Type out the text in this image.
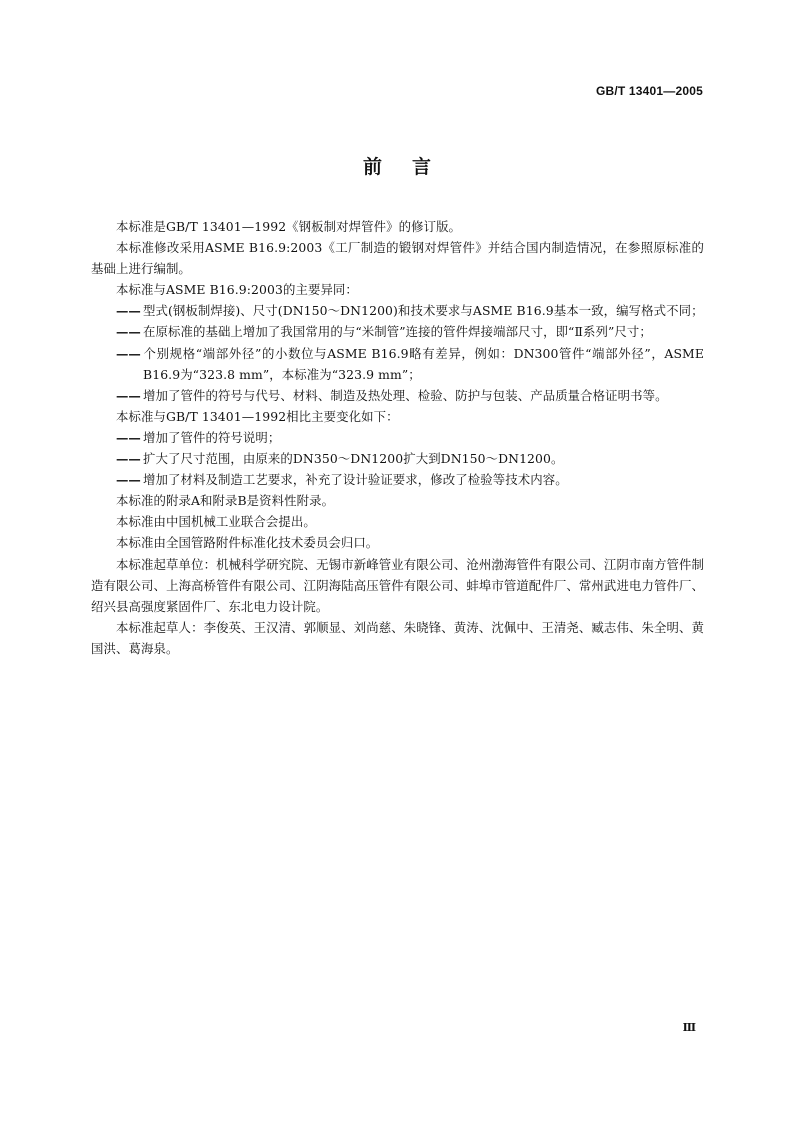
GB/T 13401—2005
前言

本标准是GB/T 13401—1992《钢板制对焊管件》的修订版。

本标准修改采用ASME B16.9:2003《工厂制造的锻钢对焊管件》并结合国内制造情况，在参照原标准的基础上进行编制。

本标准与ASME B16.9:2003的主要异同：

—— 型式(钢板制焊接)、尺寸(DN150～DN1200)和技术要求与ASME B16.9基本一致，编写格式不同；

—— 在原标准的基础上增加了我国常用的与“米制管”连接的管件焊接端部尺寸，即“Ⅱ系列”尺寸；

—— 个别规格“端部外径”的小数位与ASME B16.9略有差异，例如：DN300管件“端部外径”，ASME B16.9为“323.8 mm”，本标准为“323.9 mm”；

—— 增加了管件的符号与代号、材料、制造及热处理、检验、防护与包装、产品质量合格证明书等。

本标准与GB/T 13401—1992相比主要变化如下：

—— 增加了管件的符号说明；

—— 扩大了尺寸范围，由原来的DN350～DN1200扩大到DN150～DN1200。

—— 增加了材料及制造工艺要求，补充了设计验证要求，修改了检验等技术内容。

本标准的附录A和附录B是资料性附录。

本标准由中国机械工业联合会提出。

本标准由全国管路附件标准化技术委员会归口。

本标准起草单位：机械科学研究院、无锡市新峰管业有限公司、沧州渤海管件有限公司、江阴市南方管件制造有限公司、上海高桥管件有限公司、江阴海陆高压管件有限公司、蚌埠市管道配件厂、常州武进电力管件厂、绍兴县高强度紧固件厂、东北电力设计院。

本标准起草人：李俊英、王汉清、郭顺显、刘尚慈、朱晓锋、黄涛、沈佩中、王清尧、臧志伟、朱全明、黄国洪、葛海泉。

Ⅲ
